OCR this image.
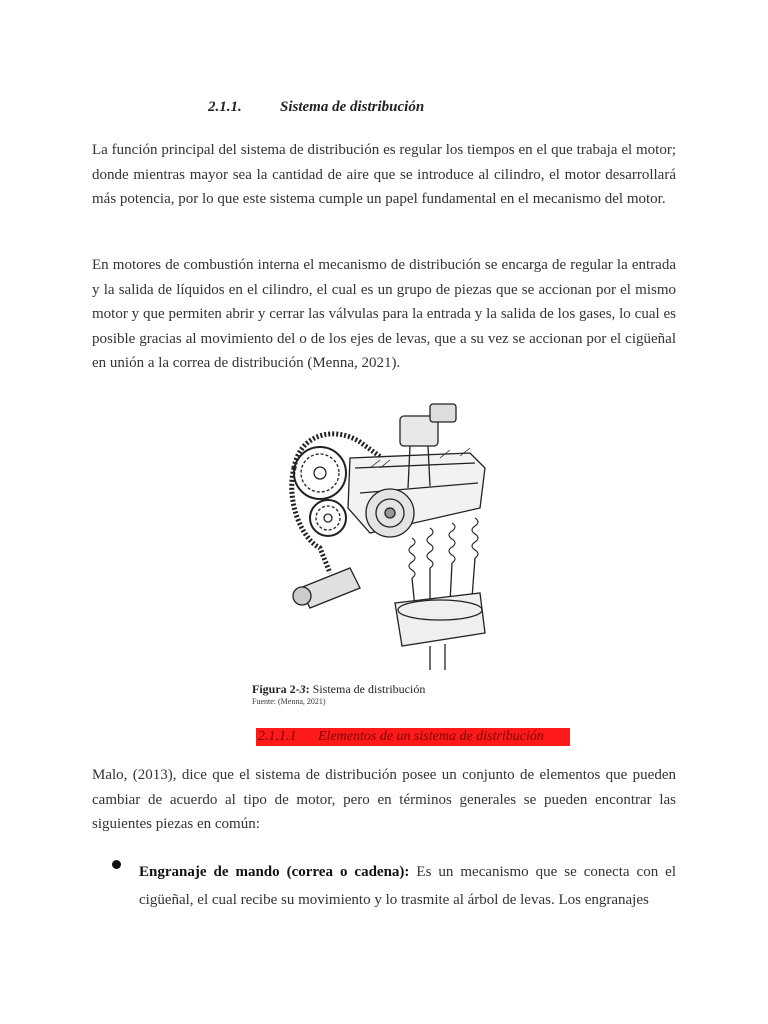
2.1.1.	Sistema de distribución

La función principal del sistema de distribución es regular los tiempos en el que trabaja el motor; donde mientras mayor sea la cantidad de aire que se introduce al cilindro, el motor desarrollará más potencia, por lo que este sistema cumple un papel fundamental en el mecanismo del motor.

En motores de combustión interna el mecanismo de distribución se encarga de regular la entrada y la salida de líquidos en el cilindro, el cual es un grupo de piezas que se accionan por el mismo motor y que permiten abrir y cerrar las válvulas para la entrada y la salida de los gases, lo cual es posible gracias al movimiento del o de los ejes de levas, que a su vez se accionan por el cigüeñal en unión a la correa de distribución (Menna, 2021).

Figura 2-3: Sistema de distribución
Fuente: (Menna, 2021)
2.1.1.1 Elementos de un sistema de distribución

Malo, (2013), dice que el sistema de distribución posee un conjunto de elementos que pueden cambiar de acuerdo al tipo de motor, pero en términos generales se pueden encontrar las siguientes piezas en común:

Engranaje de mando (correa o cadena): Es un mecanismo que se conecta con el cigüeñal, el cual recibe su movimiento y lo trasmite al árbol de levas. Los engranajes
